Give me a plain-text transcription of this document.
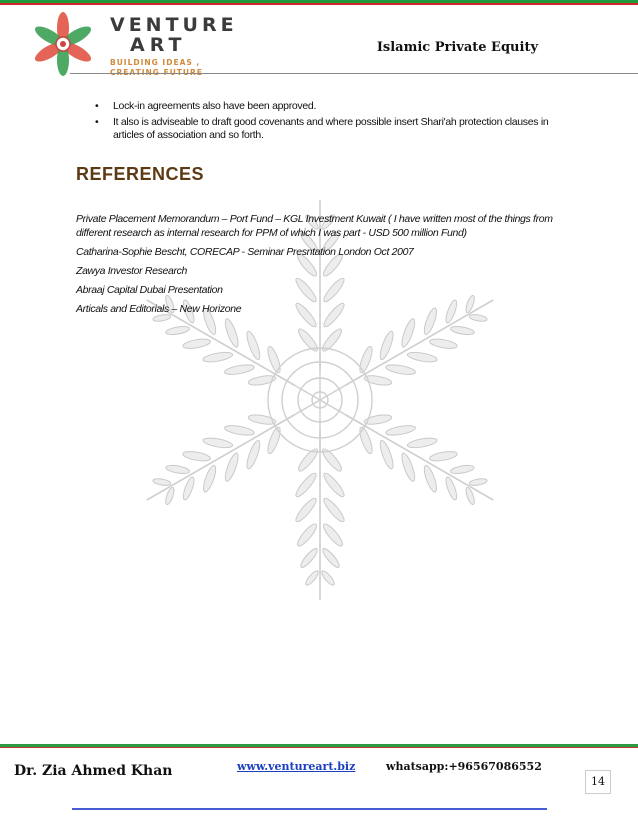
VENTURE
ART
BUILDING IDEAS ,
Islamic Private Equity
• Lock-in agreements also have been approved.
• It also is adviseable to draft good covenants and where possible insert Shari'ah protection clauses in articles of association and so forth.
REFERENCES

Private Placement Memorandum – Port Fund – KGL Investment Kuwait ( I have written most of the things from different research as internal research for PPM of which I was part - USD 500 million Fund)

Catharina-Sophie Bescht, CORECAP - Seminar Presntation London Oct 2007

Zawya Investor Research

Abraaj Capital Dubai Presentation

Articals and Editorials – New Horizone

Dr. Zia Ahmed Khan	www.ventureart.biz	whatsapp:+96567086552
14
